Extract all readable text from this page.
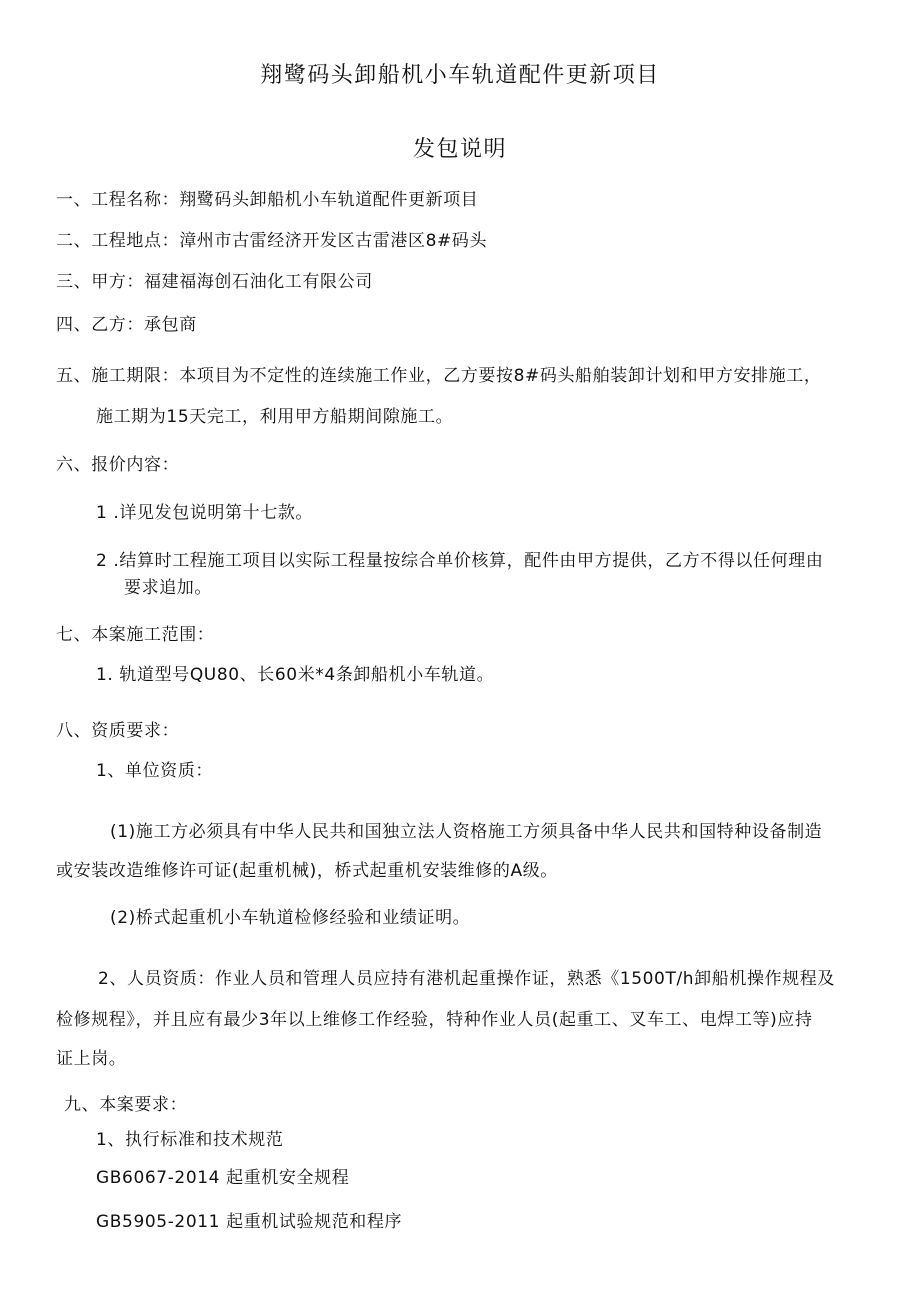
翔鹭码头卸船机小车轨道配件更新项目
发包说明
一、工程名称：翔鹭码头卸船机小车轨道配件更新项目
二、工程地点：漳州市古雷经济开发区古雷港区8#码头
三、甲方：福建福海创石油化工有限公司
四、乙方：承包商
五、施工期限：本项目为不定性的连续施工作业，乙方要按8#码头船舶装卸计划和甲方安排施工，
施工期为15天完工，利用甲方船期间隙施工。
六、报价内容：
1 .详见发包说明第十七款。
2 .结算时工程施工项目以实际工程量按综合单价核算，配件由甲方提供，乙方不得以任何理由
要求追加。
七、本案施工范围：
1. 轨道型号QU80、长60米*4条卸船机小车轨道。
八、资质要求：
1、单位资质：
(1)施工方必须具有中华人民共和国独立法人资格施工方须具备中华人民共和国特种设备制造
或安装改造维修许可证(起重机械)，桥式起重机安装维修的A级。
(2)桥式起重机小车轨道检修经验和业绩证明。
2、人员资质：作业人员和管理人员应持有港机起重操作证，熟悉《1500T/h卸船机操作规程及
检修规程》，并且应有最少3年以上维修工作经验，特种作业人员(起重工、叉车工、电焊工等)应持
证上岗。
九、本案要求：
1、执行标准和技术规范
GB6067-2014 起重机安全规程
GB5905-2011 起重机试验规范和程序
